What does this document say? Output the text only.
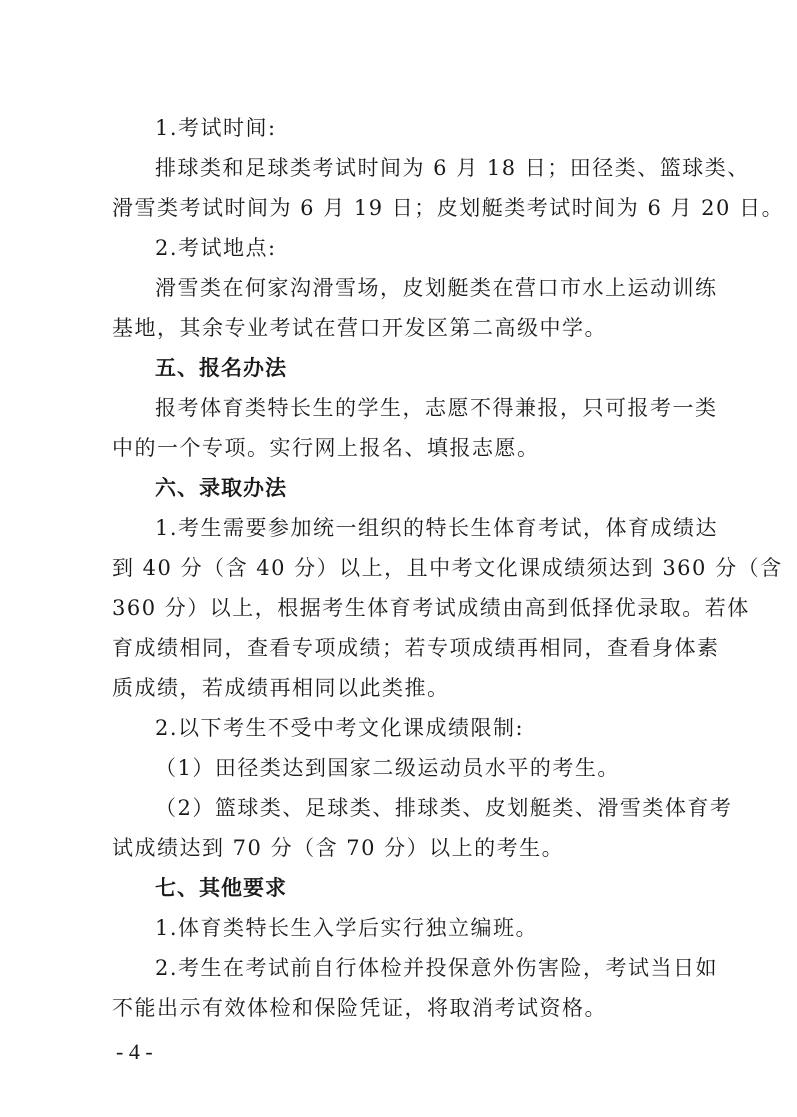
1.考试时间:
排球类和足球类考试时间为 6 月 18 日；田径类、篮球类、
滑雪类考试时间为 6 月 19 日；皮划艇类考试时间为 6 月 20 日。
2.考试地点:
滑雪类在何家沟滑雪场，皮划艇类在营口市水上运动训练
基地，其余专业考试在营口开发区第二高级中学。
五、报名办法
报考体育类特长生的学生，志愿不得兼报，只可报考一类
中的一个专项。实行网上报名、填报志愿。
六、录取办法
1.考生需要参加统一组织的特长生体育考试，体育成绩达
到 40 分（含 40 分）以上，且中考文化课成绩须达到 360 分（含
360 分）以上，根据考生体育考试成绩由高到低择优录取。若体
育成绩相同，查看专项成绩；若专项成绩再相同，查看身体素
质成绩，若成绩再相同以此类推。
2.以下考生不受中考文化课成绩限制:
（1）田径类达到国家二级运动员水平的考生。
（2）篮球类、足球类、排球类、皮划艇类、滑雪类体育考
试成绩达到 70 分（含 70 分）以上的考生。
七、其他要求
1.体育类特长生入学后实行独立编班。
2.考生在考试前自行体检并投保意外伤害险，考试当日如
不能出示有效体检和保险凭证，将取消考试资格。
- 4 -
